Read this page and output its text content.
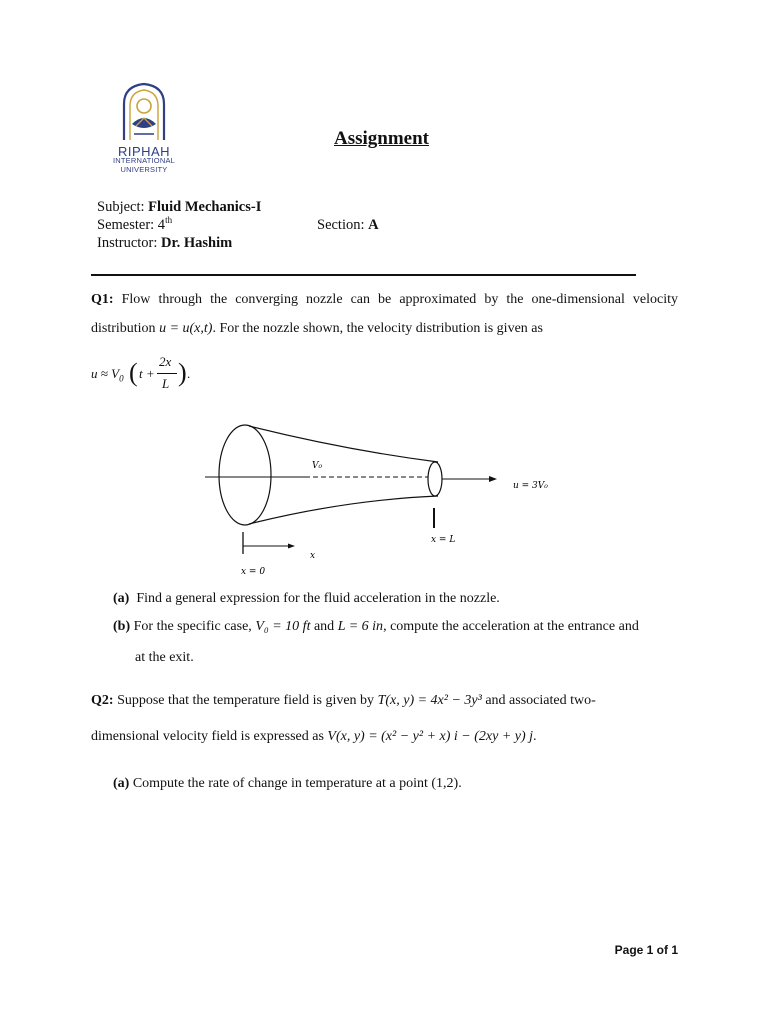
RIPHAH
INTERNATIONAL
UNIVERSITY
Assignment
Subject: Fluid Mechanics-I
Semester: 4th	Section: A
Instructor: Dr. Hashim
Q1: Flow through the converging nozzle can be approximated by the one-dimensional velocity distribution u = u(x,t). For the nozzle shown, the velocity distribution is given as
$u \approx V_0$ ( t +
2x
L ) .
V₀
u = 3V₀
x = L
x
x = 0
(a) Find a general expression for the fluid acceleration in the nozzle.
(b) For the specific case, V₀ = 10 ft and L = 6 in, compute the acceleration at the entrance and
at the exit.
Q2: Suppose that the temperature field is given by T(x, y) = 4x² − 3y³ and associated two-
dimensional velocity field is expressed as V(x, y) = (x² − y² + x) i − (2xy + y) j.
(a) Compute the rate of change in temperature at a point (1,2).
Page 1 of 1
